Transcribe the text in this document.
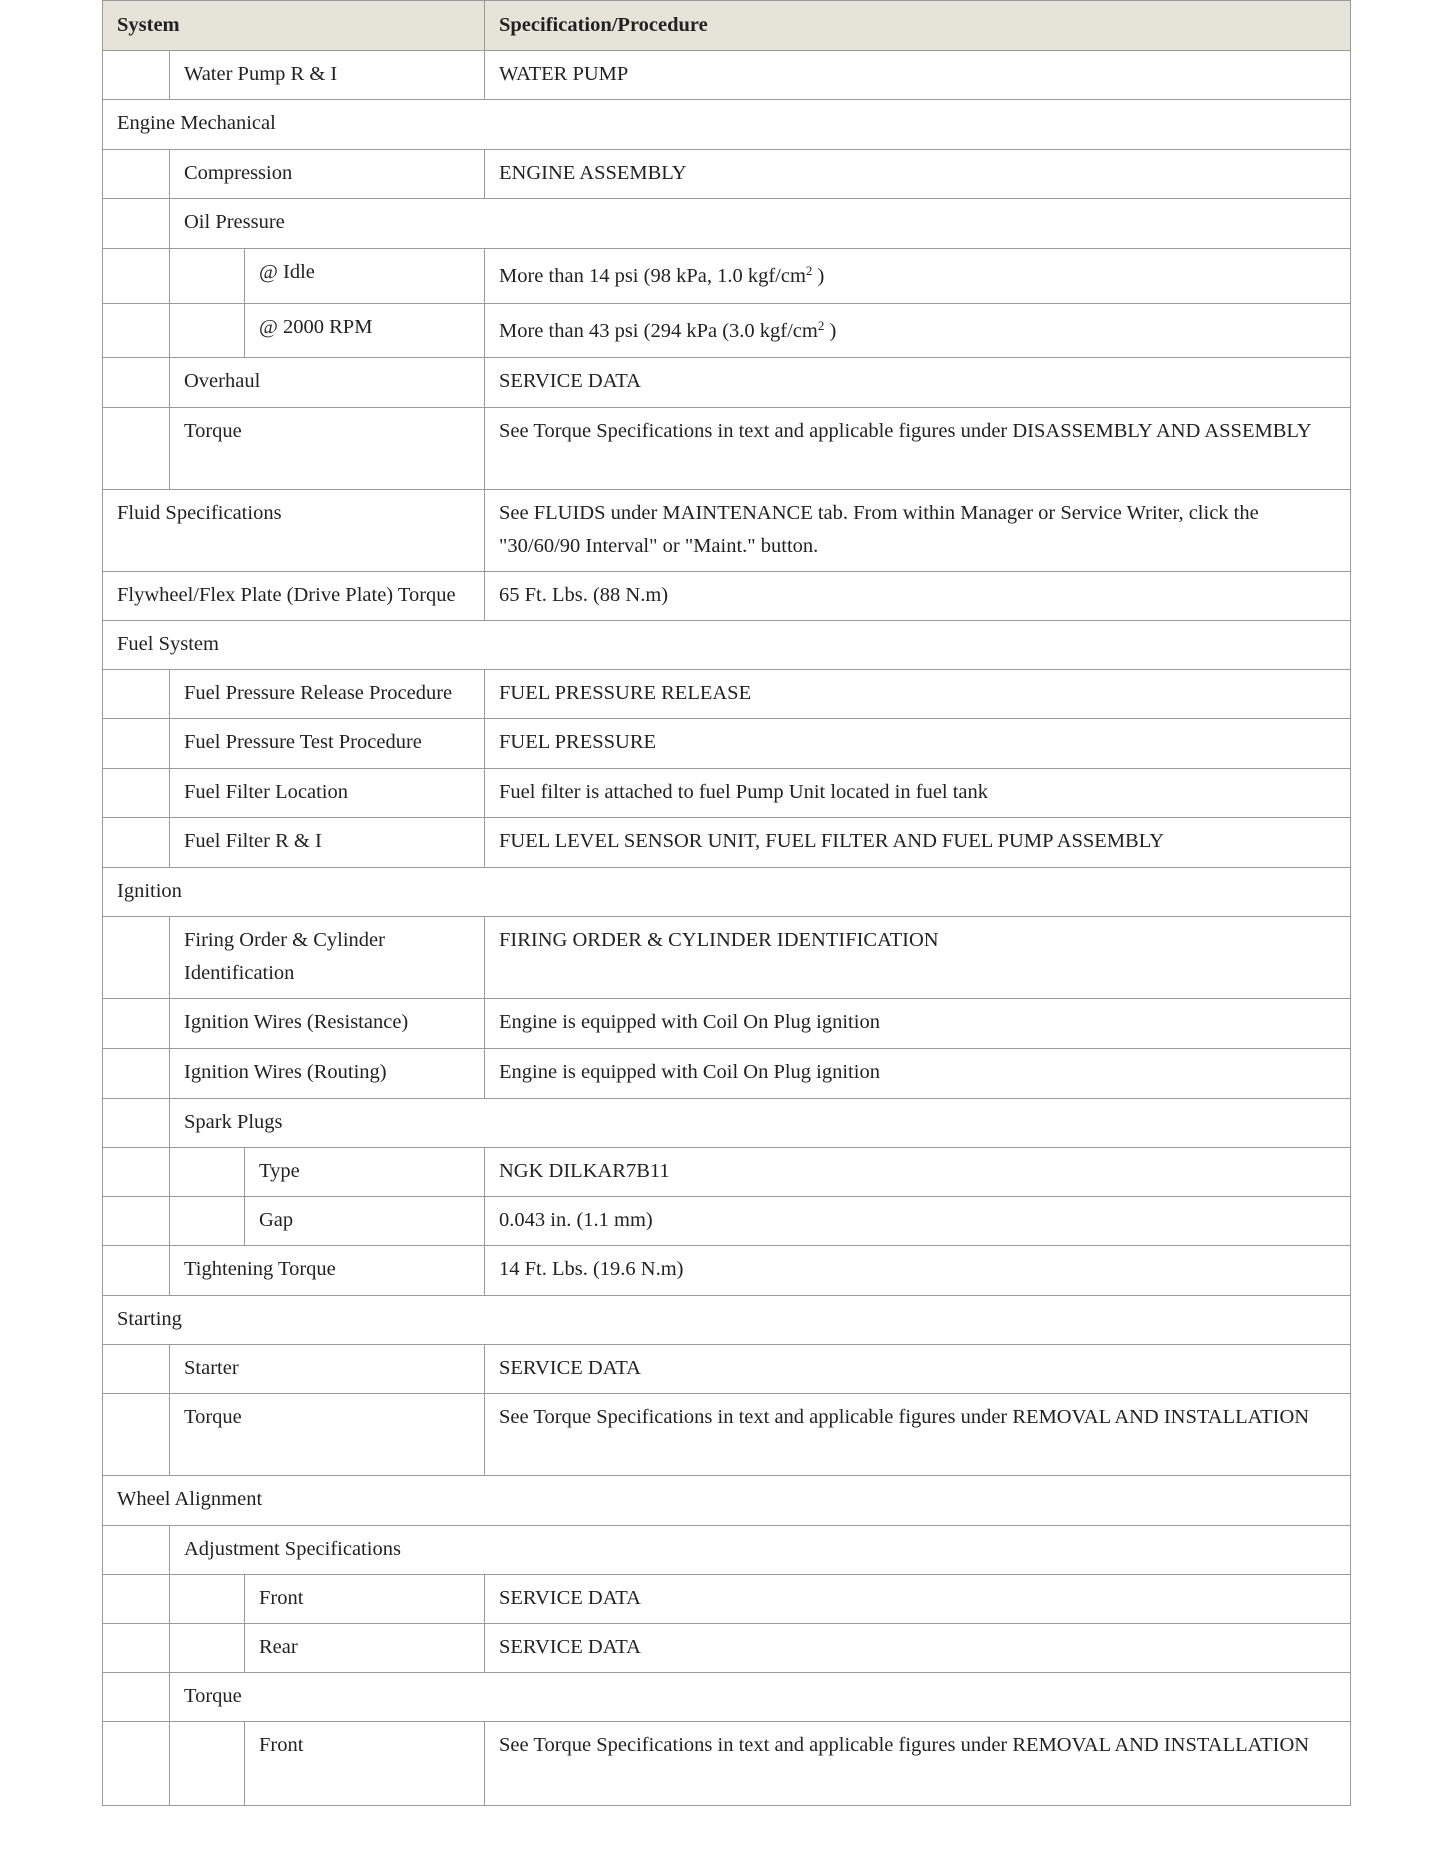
System			Specification/Procedure
	Water Pump R & I		WATER PUMP
Engine Mechanical			
	Compression		ENGINE ASSEMBLY
	Oil Pressure		
		@ Idle	More than 14 psi (98 kPa, 1.0 kgf/$cm^2$ )
		@ 2000 RPM	More than 43 psi (294 kPa (3.0 kgf/$cm^2$ )
	Overhaul		SERVICE DATA
	Torque		See Torque Specifications in text and applicable figures under DISASSEMBLY AND ASSEMBLY
Fluid Specifications			See FLUIDS under MAINTENANCE tab. From within Manager or Service Writer, click the "30/60/90 Interval" or "Maint." button.
Flywheel/Flex Plate (Drive Plate) Torque			65 Ft. Lbs. (88 N.m)
Fuel System			
	Fuel Pressure Release Procedure		FUEL PRESSURE RELEASE
	Fuel Pressure Test Procedure		FUEL PRESSURE
	Fuel Filter Location		Fuel filter is attached to fuel Pump Unit located in fuel tank
	Fuel Filter R & I		FUEL LEVEL SENSOR UNIT, FUEL FILTER AND FUEL PUMP ASSEMBLY
Ignition			
	Firing Order & Cylinder Identification		FIRING ORDER & CYLINDER IDENTIFICATION
	Ignition Wires (Resistance)		Engine is equipped with Coil On Plug ignition
	Ignition Wires (Routing)		Engine is equipped with Coil On Plug ignition
	Spark Plugs		
		Type	NGK DILKAR7B11
		Gap	0.043 in. (1.1 mm)
	Tightening Torque		14 Ft. Lbs. (19.6 N.m)
Starting			
	Starter		SERVICE DATA
	Torque		See Torque Specifications in text and applicable figures under REMOVAL AND INSTALLATION
Wheel Alignment			
	Adjustment Specifications		
		Front	SERVICE DATA
		Rear	SERVICE DATA
	Torque		
		Front	See Torque Specifications in text and applicable figures under REMOVAL AND INSTALLATION
